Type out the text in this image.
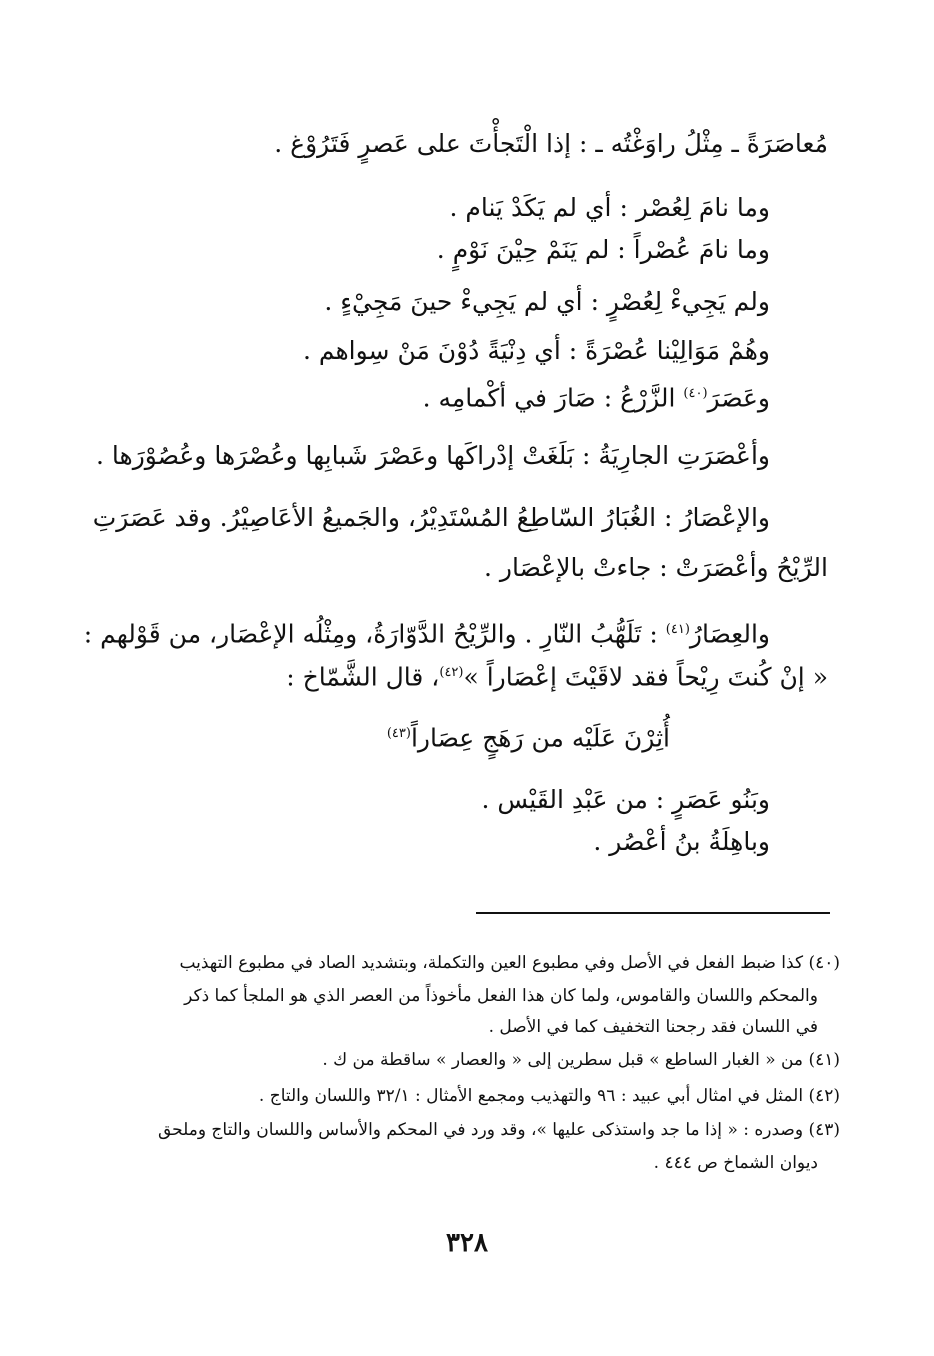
مُعاصَرَةً ـ مِثْلُ راوَغْتُه ـ : إذا الْتَجأْتَ على عَصرٍ فَتَرُوْغ .
وما نامَ لِعُصْر : أي لم يَكَدْ يَنام .
وما نامَ عُصْراً : لم يَنَمْ حِيْنَ نَوْمٍ .
ولم يَجِيءْ لِعُصْرٍ : أي لم يَجِيءْ حينَ مَجِيْءٍ .
وهُمْ مَوَالِيْنا عُصْرَةً : أي دِنْيَةً دُوْنَ مَنْ سِواهم .
وعَصَرَ$^{(٤٠)}$ الزَّرْعُ : صَارَ في أكْمامِه .
وأعْصَرَتِ الجارِيَةُ : بَلَغَتْ إدْراكَها وعَصْرَ شَبابِها وعُصْرَها وعُصُوْرَها .
والإعْصَارُ : الغُبَارُ السّاطِعُ المُسْتَدِيْرُ، والجَميعُ الأعَاصِيْرُ. وقد عَصَرَتِ
الرِّيْحُ وأعْصَرَتْ : جاءتْ بالإعْصَار .
والعِصَارُ$^{(٤١)}$ : تَلَهُّبُ النّارِ . والرِّيْحُ الدَّوّارَةُ، ومِثْلُه الإعْصَار، من قَوْلهم :
« إنْ كُنتَ رِيْحاً فقد لاقَيْتَ إعْصَاراً »$^{(٤٢)}$، قال الشَّمّاخ :
أُثِرْنَ عَلَيْه من رَهَجٍ عِصَاراً$^{(٤٣)}$
وبَنُو عَصَرٍ : من عَبْدِ القَيْس .
وباهِلَةُ بنُ أعْصُر .
(٤٠) كذا ضبط الفعل في الأصل وفي مطبوع العين والتكملة، وبتشديد الصاد في مطبوع التهذيب
والمحكم واللسان والقاموس، ولما كان هذا الفعل مأخوذاً من العصر الذي هو الملجأ كما ذكر
في اللسان فقد رجحنا التخفيف كما في الأصل .
(٤١) من « الغبار الساطع » قبل سطرين إلى « والعصار » ساقطة من ك .
(٤٢) المثل في امثال أبي عبيد : ٩٦ والتهذيب ومجمع الأمثال : ٣٢/١ واللسان والتاج .
(٤٣) وصدره : « إذا ما جد واستذكى عليها »، وقد ورد في المحكم والأساس واللسان والتاج وملحق
ديوان الشماخ ص ٤٤٤ .
٣٢٨
